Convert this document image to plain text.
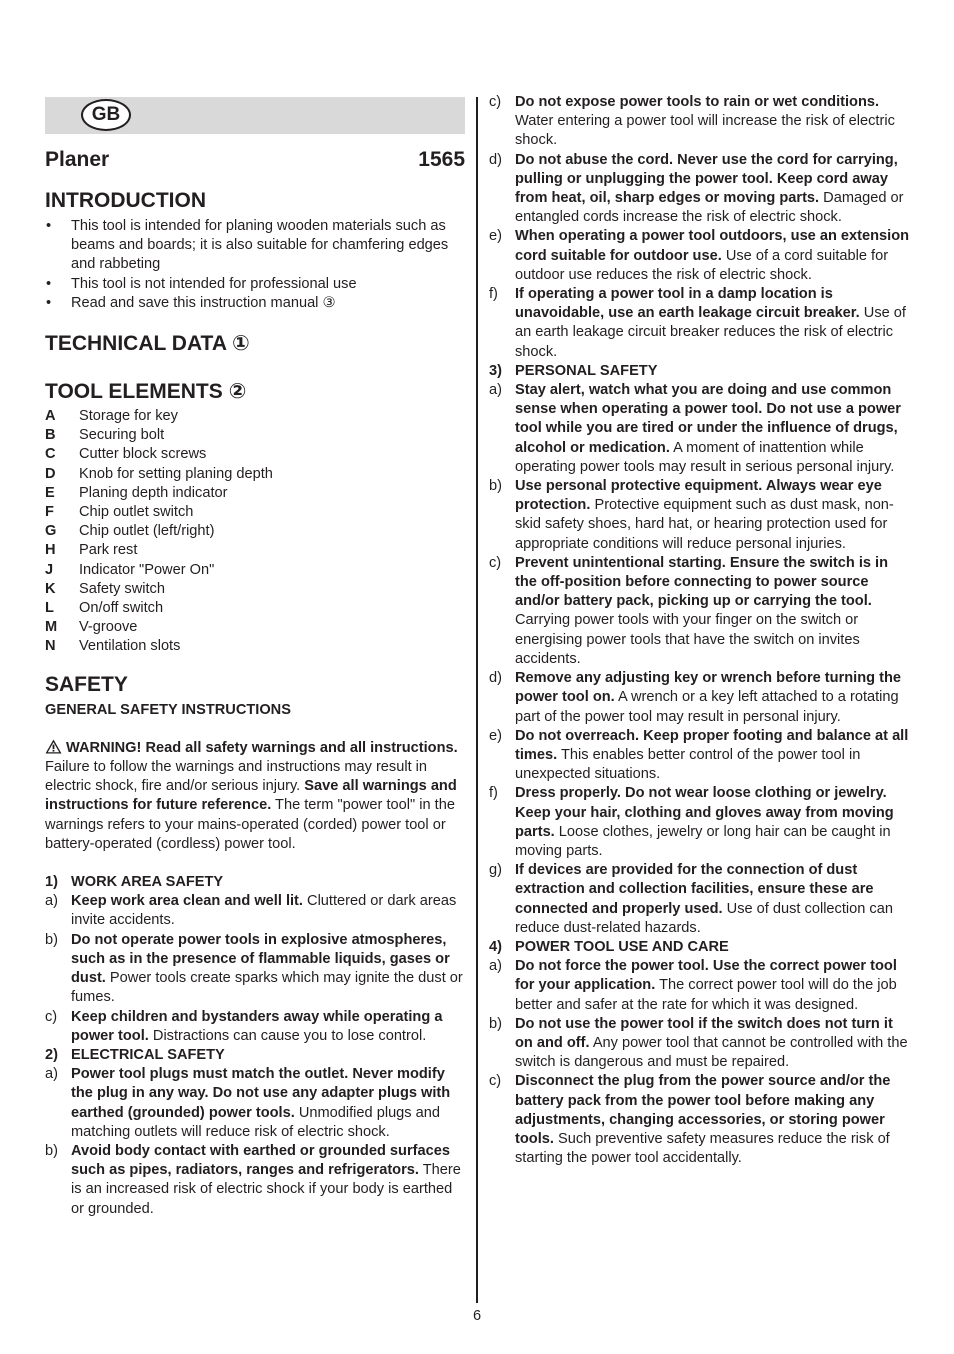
GB
Planer	1565
INTRODUCTION
• This tool is intended for planing wooden materials such as beams and boards; it is also suitable for chamfering edges and rabbeting
• This tool is not intended for professional use
• Read and save this instruction manual ③
TECHNICAL DATA ①
TOOL ELEMENTS ②
A	Storage for key
B	Securing bolt
C	Cutter block screws
D	Knob for setting planing depth
E	Planing depth indicator
F	Chip outlet switch
G	Chip outlet (left/right)
H	Park rest
J	Indicator "Power On"
K	Safety switch
L	On/off switch
M	V-groove
N	Ventilation slots
SAFETY
GENERAL SAFETY INSTRUCTIONS
WARNING! Read all safety warnings and all instructions. Failure to follow the warnings and instructions may result in electric shock, fire and/or serious injury. Save all warnings and instructions for future reference. The term "power tool" in the warnings refers to your mains-operated (corded) power tool or battery-operated (cordless) power tool.
1) WORK AREA SAFETY
a) Keep work area clean and well lit. Cluttered or dark areas invite accidents.
b) Do not operate power tools in explosive atmospheres, such as in the presence of flammable liquids, gases or dust. Power tools create sparks which may ignite the dust or fumes.
c) Keep children and bystanders away while operating a power tool. Distractions can cause you to lose control.
2) ELECTRICAL SAFETY
a) Power tool plugs must match the outlet. Never modify the plug in any way. Do not use any adapter plugs with earthed (grounded) power tools. Unmodified plugs and matching outlets will reduce risk of electric shock.
b) Avoid body contact with earthed or grounded surfaces such as pipes, radiators, ranges and refrigerators. There is an increased risk of electric shock if your body is earthed or grounded.
c) Do not expose power tools to rain or wet conditions. Water entering a power tool will increase the risk of electric shock.
d) Do not abuse the cord. Never use the cord for carrying, pulling or unplugging the power tool. Keep cord away from heat, oil, sharp edges or moving parts. Damaged or entangled cords increase the risk of electric shock.
e) When operating a power tool outdoors, use an extension cord suitable for outdoor use. Use of a cord suitable for outdoor use reduces the risk of electric shock.
f)	If operating a power tool in a damp location is unavoidable, use an earth leakage circuit breaker. Use of an earth leakage circuit breaker reduces the risk of electric shock.
3) PERSONAL SAFETY
a) Stay alert, watch what you are doing and use common sense when operating a power tool. Do not use a power tool while you are tired or under the influence of drugs, alcohol or medication. A moment of inattention while operating power tools may result in serious personal injury.
b) Use personal protective equipment. Always wear eye protection. Protective equipment such as dust mask, non-skid safety shoes, hard hat, or hearing protection used for appropriate conditions will reduce personal injuries.
c) Prevent unintentional starting. Ensure the switch is in the off-position before connecting to power source and/or battery pack, picking up or carrying the tool. Carrying power tools with your finger on the switch or energising power tools that have the switch on invites accidents.
d) Remove any adjusting key or wrench before turning the power tool on. A wrench or a key left attached to a rotating part of the power tool may result in personal injury.
e) Do not overreach. Keep proper footing and balance at all times. This enables better control of the power tool in unexpected situations.
f)	Dress properly. Do not wear loose clothing or jewelry. Keep your hair, clothing and gloves away from moving parts. Loose clothes, jewelry or long hair can be caught in moving parts.
g) If devices are provided for the connection of dust extraction and collection facilities, ensure these are connected and properly used. Use of dust collection can reduce dust-related hazards.
4) POWER TOOL USE AND CARE
a) Do not force the power tool. Use the correct power tool for your application. The correct power tool will do the job better and safer at the rate for which it was designed.
b) Do not use the power tool if the switch does not turn it on and off. Any power tool that cannot be controlled with the switch is dangerous and must be repaired.
c) Disconnect the plug from the power source and/or the battery pack from the power tool before making any adjustments, changing accessories, or storing power tools. Such preventive safety measures reduce the risk of starting the power tool accidentally.
6
